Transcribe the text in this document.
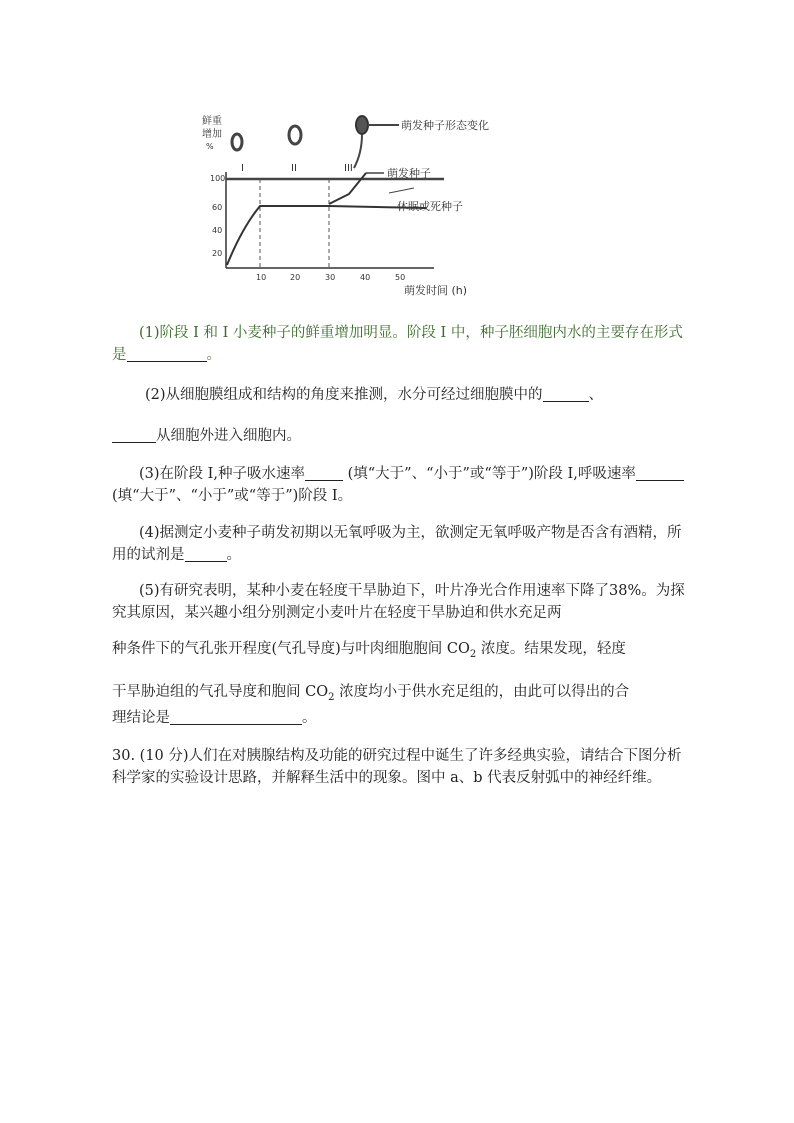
鲜重
增加
%
I	II	III
100
60
40
20
10	20	30	40	50
萌发时间 (h)
萌发种子形态变化
萌发种子
休眠或死种子

(1)阶段 I 和 I 小麦种子的鲜重增加明显。阶段 I 中，种子胚细胞内水的主要存在形式是	。

(2)从细胞膜组成和结构的角度来推测，水分可经过细胞膜中的	、

从细胞外进入细胞内。

(3)在阶段 I,种子吸水速率	(填“大于”、“小于”或“等于”)阶段 I,呼吸速率(填“大于”、“小于”或“等于”)阶段 I。

(4)据测定小麦种子萌发初期以无氧呼吸为主，欲测定无氧呼吸产物是否含有酒精，所用的试剂是	。

(5)有研究表明，某种小麦在轻度干旱胁迫下，叶片净光合作用速率下降了38%。为探究其原因，某兴趣小组分别测定小麦叶片在轻度干旱胁迫和供水充足两

种条件下的气孔张开程度(气孔导度)与叶肉细胞胞间 $CO_2$ 浓度。结果发现，轻度

干旱胁迫组的气孔导度和胞间 $CO_2$ 浓度均小于供水充足组的，由此可以得出的合

理结论是	。

30. (10 分)人们在对胰腺结构及功能的研究过程中诞生了许多经典实验，请结合下图分析科学家的实验设计思路，并解释生活中的现象。图中 a、b 代表反射弧中的神经纤维。
